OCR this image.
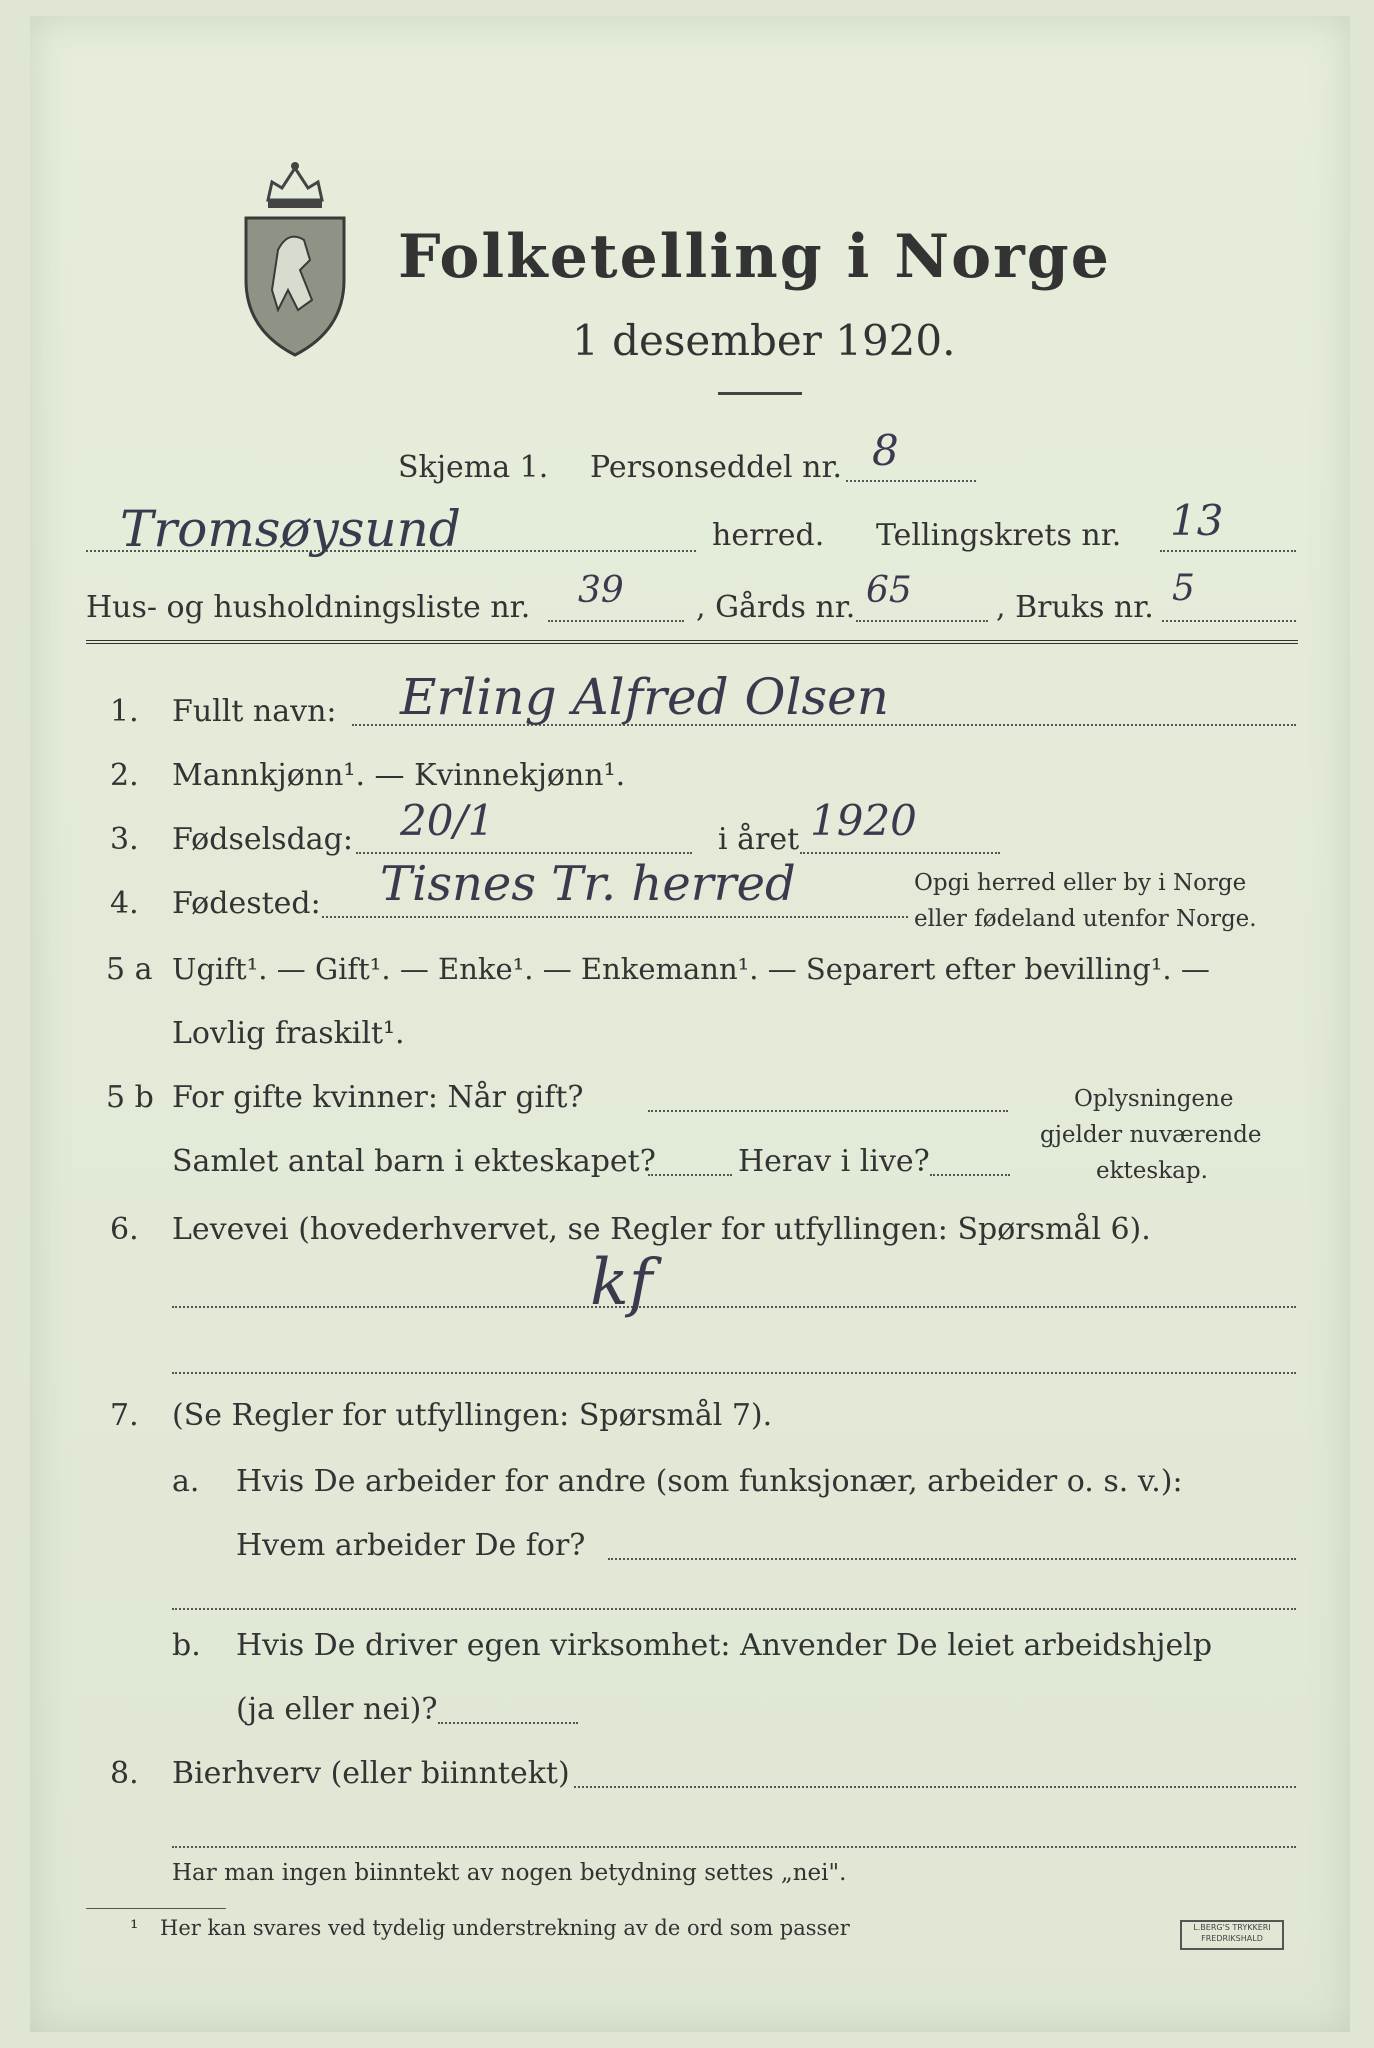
Folketelling i Norge
1 desember 1920.
Skjema 1. Personseddel nr. 8
Tromsøysund	herred. Tellingskrets nr. 13
Hus- og husholdningsliste nr. 39 , Gårds nr. 65	, Bruks nr. 5
1. Fullt navn: Erling Alfred Olsen
2. Mannkjønn¹. — Kvinnekjønn¹.
3. Fødselsdag: 20/1	i året 1920
4. Fødested: Tisnes Tr. herred	Opgi herred eller by i Norge
eller fødeland utenfor Norge.
5 a Ugift¹. — Gift¹. — Enke¹. — Enkemann¹. — Separert efter bevilling¹. —
Lovlig fraskilt¹.
5 b For gifte kvinner: Når gift?
Samlet antal barn i ekteskapet?	Herav i live?
Oplysningene
gjelder nuværende
ekteskap.
6. Levevei (hovederhvervet, se Regler for utfyllingen: Spørsmål 6).
kf
7. (Se Regler for utfyllingen: Spørsmål 7).
a. Hvis De arbeider for andre (som funksjonær, arbeider o. s. v.):
Hvem arbeider De for?
b. Hvis De driver egen virksomhet: Anvender De leiet arbeidshjelp
(ja eller nei)?
8. Bierhverv (eller biinntekt)
Har man ingen biinntekt av nogen betydning settes „nei".
¹ Her kan svares ved tydelig understrekning av de ord som passer	L.BERG'S TRYKKERI FREDRIKSHALD
